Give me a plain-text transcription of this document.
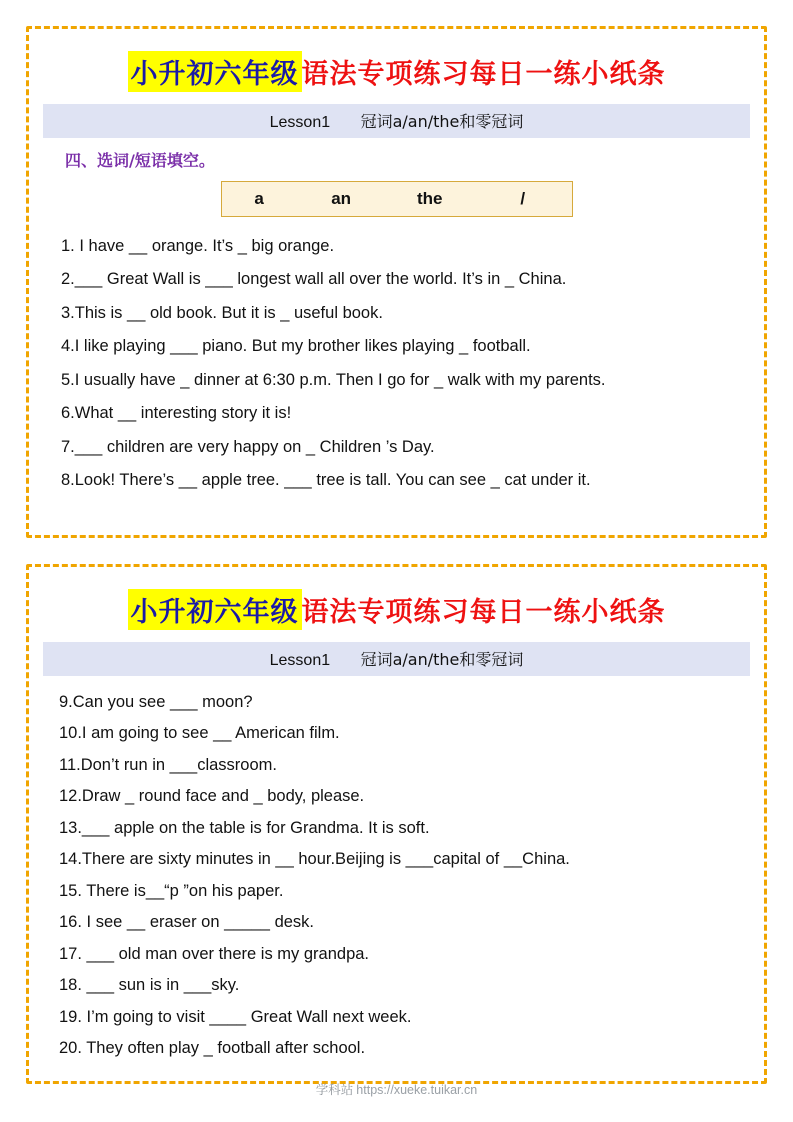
小升初六年级 语法专项练习每日一练小纸条
Lesson1 冠词a/an/the和零冠词
四、选词/短语填空。
a	an	the	/
1. I have __ orange. It’s _ big orange.
2.___ Great Wall is ___ longest wall all over the world. It’s in _ China.
3.This is __ old book. But it is _ useful book.
4.I like playing ___ piano. But my brother likes playing _ football.
5.I usually have _ dinner at 6:30 p.m. Then I go for _ walk with my parents.
6.What __ interesting story it is!
7.___ children are very happy on _ Children ’s Day.
8.Look! There’s __ apple tree. ___ tree is tall. You can see _ cat under it.
小升初六年级 语法专项练习每日一练小纸条
Lesson1 冠词a/an/the和零冠词
9.Can you see ___ moon?
10.I am going to see __ American film.
11.Don’t run in ___classroom.
12.Draw _ round face and _ body, please.
13.___ apple on the table is for Grandma. It is soft.
14.There are sixty minutes in __ hour.Beijing is ___capital of __China.
15. There is__“p ”on his paper.
16. I see __ eraser on _____ desk.
17. ___ old man over there is my grandpa.
18. ___ sun is in ___sky.
19. I’m going to visit ____ Great Wall next week.
20. They often play _ football after school.
学科站 https://xueke.tuikar.cn
